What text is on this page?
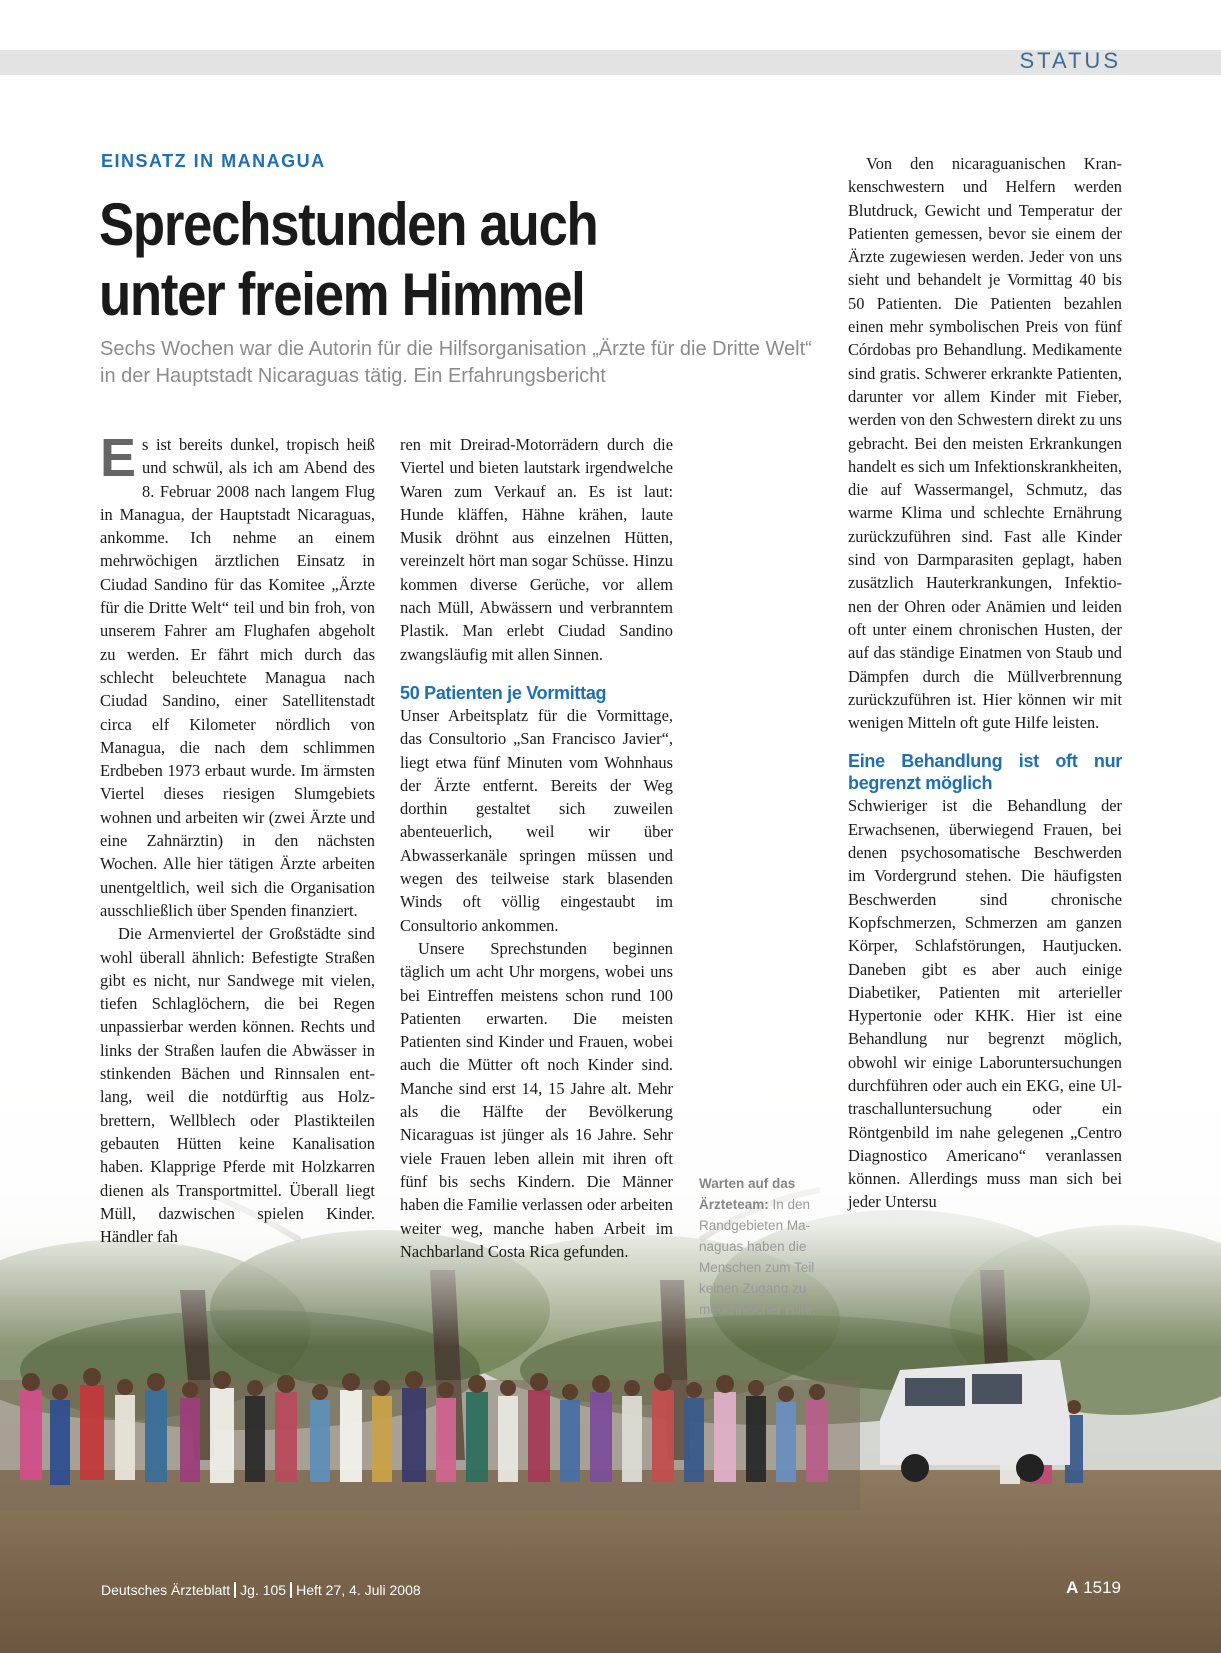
STATUS
EINSATZ IN MANAGUA
Sprechstunden auch
unter freiem Himmel
Sechs Wochen war die Autorin für die Hilfsorganisation „Ärzte für die Dritte Welt“ in der Hauptstadt Nicaraguas tätig. Ein Erfahrungsbericht

Es ist bereits dunkel, tropisch heiß und schwül, als ich am Abend des 8. Februar 2008 nach langem Flug in Managua, der Hauptstadt Nicaraguas, ankomme. Ich nehme an einem mehrwöchigen ärztlichen Einsatz in Ciudad Sandino für das Komitee „Ärzte für die Dritte Welt“ teil und bin froh, von unserem Fahrer am Flughafen abgeholt zu werden. Er fährt mich durch das schlecht beleuchtete Managua nach Ciudad Sandino, einer Satellitenstadt circa elf Kilometer nördlich von Managua, die nach dem schlimmen Erdbeben 1973 erbaut wurde. Im ärmsten Viertel dieses riesigen Slumgebiets wohnen und arbeiten wir (zwei Ärzte und eine Zahnärztin) in den nächsten Wochen. Alle hier tätigen Ärzte arbeiten unentgeltlich, weil sich die Organisation ausschließlich über Spenden finanziert.

Die Armenviertel der Großstädte sind wohl überall ähnlich: Befestigte Straßen gibt es nicht, nur Sandwege mit vielen, tiefen Schlaglöchern, die bei Regen unpassierbar werden können. Rechts und links der Straßen laufen die Abwässer in stinkenden Bächen und Rinnsalen entlang, weil die notdürftig aus Holzbrettern, Wellblech oder Plastikteilen gebauten Hütten keine Kanalisation haben. Klapprige Pferde mit Holzkarren dienen als Transportmittel. Überall liegt Müll, dazwischen spielen Kinder. Händler fah

ren mit Dreirad-Motorrädern durch die Viertel und bieten lautstark irgendwelche Waren zum Verkauf an. Es ist laut: Hunde kläffen, Hähne krähen, laute Musik dröhnt aus einzelnen Hütten, vereinzelt hört man sogar Schüsse. Hinzu kommen diverse Gerüche, vor allem nach Müll, Abwässern und verbranntem Plastik. Man erlebt Ciudad Sandino zwangsläufig mit allen Sinnen.

50 Patienten je Vormittag

Unser Arbeitsplatz für die Vormittage, das Consultorio „San Francisco Javier“, liegt etwa fünf Minuten vom Wohnhaus der Ärzte entfernt. Bereits der Weg dorthin gestaltet sich zuweilen abenteuerlich, weil wir über Abwasserkanäle springen müssen und wegen des teilweise stark blasenden Winds oft völlig eingestaubt im Consultorio ankommen.

Unsere Sprechstunden beginnen täglich um acht Uhr morgens, wobei uns bei Eintreffen meistens schon rund 100 Patienten erwarten. Die meisten Patienten sind Kinder und Frauen, wobei auch die Mütter oft noch Kinder sind. Manche sind erst 14, 15 Jahre alt. Mehr als die Hälfte der Bevölkerung Nicaraguas ist jünger als 16 Jahre. Sehr viele Frauen leben allein mit ihren oft fünf bis sechs Kindern. Die Männer haben die Familie verlassen oder arbeiten weiter weg, manche haben Arbeit im Nachbarland Costa Rica gefunden.

Warten auf das Ärzteteam: In den Randgebieten Managuas haben die Menschen zum Teil keinen Zugang zu medizinischer Hilfe.

Von den nicaraguanischen Krankenschwestern und Helfern werden Blutdruck, Gewicht und Temperatur der Patienten gemessen, bevor sie einem der Ärzte zugewiesen werden. Jeder von uns sieht und behandelt je Vormittag 40 bis 50 Patienten. Die Patienten bezahlen einen mehr symbolischen Preis von fünf Córdobas pro Behandlung. Medikamente sind gratis. Schwerer erkrankte Patienten, darunter vor allem Kinder mit Fieber, werden von den Schwestern direkt zu uns gebracht. Bei den meisten Erkrankungen handelt es sich um Infektionskrankheiten, die auf Wassermangel, Schmutz, das warme Klima und schlechte Ernährung zurückzuführen sind. Fast alle Kinder sind von Darmparasiten geplagt, haben zusätzlich Hauterkrankungen, Infektionen der Ohren oder Anämien und leiden oft unter einem chronischen Husten, der auf das ständige Einatmen von Staub und Dämpfen durch die Müllverbrennung zurückzuführen ist. Hier können wir mit wenigen Mitteln oft gute Hilfe leisten.

Eine Behandlung ist oft nur begrenzt möglich

Schwieriger ist die Behandlung der Erwachsenen, überwiegend Frauen, bei denen psychosomatische Beschwerden im Vordergrund stehen. Die häufigsten Beschwerden sind chronische Kopfschmerzen, Schmerzen am ganzen Körper, Schlafstörungen, Hautjucken. Daneben gibt es aber auch einige Diabetiker, Patienten mit arterieller Hypertonie oder KHK. Hier ist eine Behandlung nur begrenzt möglich, obwohl wir einige Laboruntersuchungen durchführen oder auch ein EKG, eine Ultraschalluntersuchung oder ein Röntgenbild im nahe gelegenen „Centro Diagnostico Americano“ veranlassen können. Allerdings muss man sich bei jeder Untersu

Deutsches Ärzteblatt Jg. 105 Heft 27, 4. Juli 2008	A 1519
